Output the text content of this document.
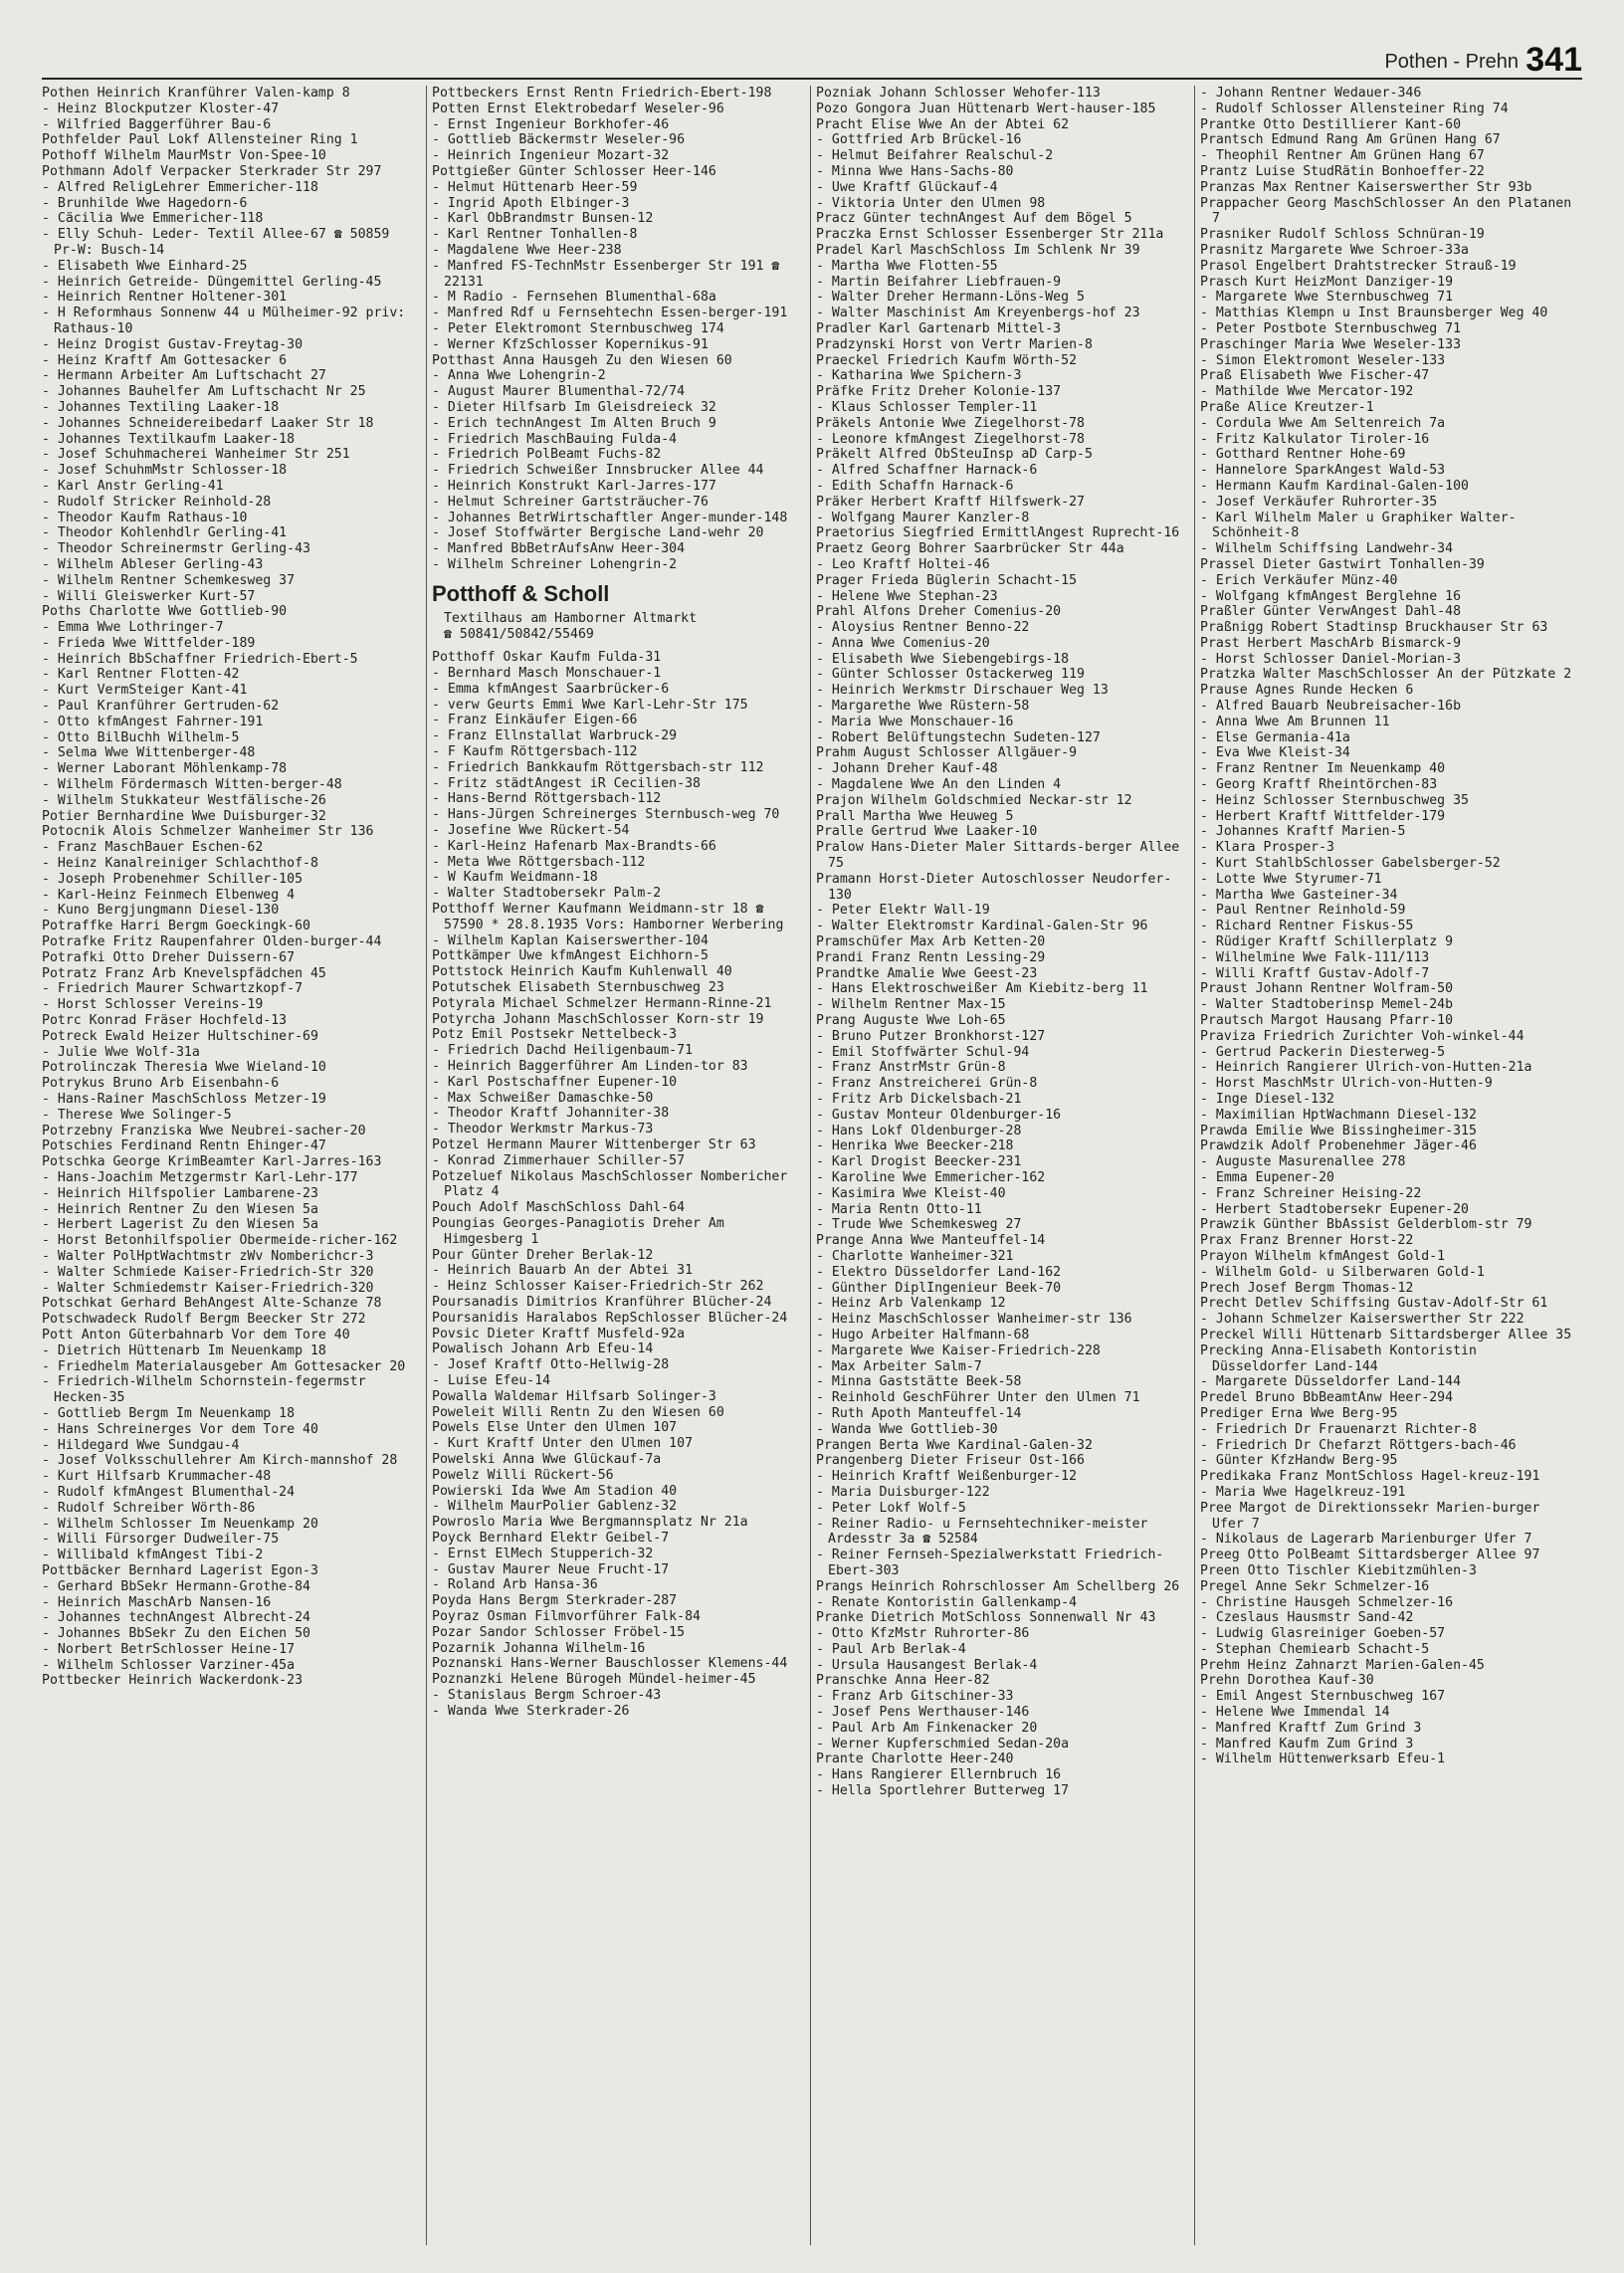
Pothen - Prehn 341

Pothen Heinrich Kranführer Valen-kamp 8

- Heinz Blockputzer Kloster-47

- Wilfried Baggerführer Bau-6

Pothfelder Paul Lokf Allensteiner Ring 1

Pothoff Wilhelm MaurMstr Von-Spee-10

Pothmann Adolf Verpacker Sterkrader Str 297

- Alfred ReligLehrer Emmericher-118

- Brunhilde Wwe Hagedorn-6

- Cäcilia Wwe Emmericher-118

- Elly Schuh- Leder- Textil Allee-67 ☎ 50859 Pr-W: Busch-14

- Elisabeth Wwe Einhard-25

- Heinrich Getreide- Düngemittel Gerling-45

- Heinrich Rentner Holtener-301

- H Reformhaus Sonnenw 44 u Mülheimer-92 priv: Rathaus-10

- Heinz Drogist Gustav-Freytag-30

- Heinz Kraftf Am Gottesacker 6

- Hermann Arbeiter Am Luftschacht 27

- Johannes Bauhelfer Am Luftschacht Nr 25

- Johannes Textiling Laaker-18

- Johannes Schneidereibedarf Laaker Str 18

- Johannes Textilkaufm Laaker-18

- Josef Schuhmacherei Wanheimer Str 251

- Josef SchuhmMstr Schlosser-18

- Karl Anstr Gerling-41

- Rudolf Stricker Reinhold-28

- Theodor Kaufm Rathaus-10

- Theodor Kohlenhdlr Gerling-41

- Theodor Schreinermstr Gerling-43

- Wilhelm Ableser Gerling-43

- Wilhelm Rentner Schemkesweg 37

- Willi Gleiswerker Kurt-57

Poths Charlotte Wwe Gottlieb-90

- Emma Wwe Lothringer-7

- Frieda Wwe Wittfelder-189

- Heinrich BbSchaffner Friedrich-Ebert-5

- Karl Rentner Flotten-42

- Kurt VermSteiger Kant-41

- Paul Kranführer Gertruden-62

- Otto kfmAngest Fahrner-191

- Otto BilBuchh Wilhelm-5

- Selma Wwe Wittenberger-48

- Werner Laborant Möhlenkamp-78

- Wilhelm Fördermasch Witten-berger-48

- Wilhelm Stukkateur Westfälische-26

Potier Bernhardine Wwe Duisburger-32

Potocnik Alois Schmelzer Wanheimer Str 136

- Franz MaschBauer Eschen-62

- Heinz Kanalreiniger Schlachthof-8

- Joseph Probenehmer Schiller-105

- Karl-Heinz Feinmech Elbenweg 4

- Kuno Bergjungmann Diesel-130

Potraffke Harri Bergm Goeckingk-60

Potrafke Fritz Raupenfahrer Olden-burger-44

Potrafki Otto Dreher Duissern-67

Potratz Franz Arb Knevelspfädchen 45

- Friedrich Maurer Schwartzkopf-7

- Horst Schlosser Vereins-19

Potrc Konrad Fräser Hochfeld-13

Potreck Ewald Heizer Hultschiner-69

- Julie Wwe Wolf-31a

Potrolinczak Theresia Wwe Wieland-10

Potrykus Bruno Arb Eisenbahn-6

- Hans-Rainer MaschSchloss Metzer-19

- Therese Wwe Solinger-5

Potrzebny Franziska Wwe Neubrei-sacher-20

Potschies Ferdinand Rentn Ehinger-47

Potschka George KrimBeamter Karl-Jarres-163

- Hans-Joachim Metzgermstr Karl-Lehr-177

- Heinrich Hilfspolier Lambarene-23

- Heinrich Rentner Zu den Wiesen 5a

- Herbert Lagerist Zu den Wiesen 5a

- Horst Betonhilfspolier Obermeide-richer-162

- Walter PolHptWachtmstr zWv Nomberichcr-3

- Walter Schmiede Kaiser-Friedrich-Str 320

- Walter Schmiedemstr Kaiser-Friedrich-320

Potschkat Gerhard BehAngest Alte-Schanze 78

Potschwadeck Rudolf Bergm Beecker Str 272

Pott Anton Güterbahnarb Vor dem Tore 40

- Dietrich Hüttenarb Im Neuenkamp 18

- Friedhelm Materialausgeber Am Gottesacker 20

- Friedrich-Wilhelm Schornstein-fegermstr Hecken-35

- Gottlieb Bergm Im Neuenkamp 18

- Hans Schreinerges Vor dem Tore 40

- Hildegard Wwe Sundgau-4

- Josef Volksschullehrer Am Kirch-mannshof 28

- Kurt Hilfsarb Krummacher-48

- Rudolf kfmAngest Blumenthal-24

- Rudolf Schreiber Wörth-86

- Wilhelm Schlosser Im Neuenkamp 20

- Willi Fürsorger Dudweiler-75

- Willibald kfmAngest Tibi-2

Pottbäcker Bernhard Lagerist Egon-3

- Gerhard BbSekr Hermann-Grothe-84

- Heinrich MaschArb Nansen-16

- Johannes technAngest Albrecht-24

- Johannes BbSekr Zu den Eichen 50

- Norbert BetrSchlosser Heine-17

- Wilhelm Schlosser Varziner-45a

Pottbecker Heinrich Wackerdonk-23

Pottbeckers Ernst Rentn Friedrich-Ebert-198

Potten Ernst Elektrobedarf Weseler-96

- Ernst Ingenieur Borkhofer-46

- Gottlieb Bäckermstr Weseler-96

- Heinrich Ingenieur Mozart-32

Pottgießer Günter Schlosser Heer-146

- Helmut Hüttenarb Heer-59

- Ingrid Apoth Elbinger-3

- Karl ObBrandmstr Bunsen-12

- Karl Rentner Tonhallen-8

- Magdalene Wwe Heer-238

- Manfred FS-TechnMstr Essenberger Str 191 ☎ 22131

- M Radio - Fernsehen Blumenthal-68a

- Manfred Rdf u Fernsehtechn Essen-berger-191

- Peter Elektromont Sternbuschweg 174

- Werner KfzSchlosser Kopernikus-91

Potthast Anna Hausgeh Zu den Wiesen 60

- Anna Wwe Lohengrin-2

- August Maurer Blumenthal-72/74

- Dieter Hilfsarb Im Gleisdreieck 32

- Erich technAngest Im Alten Bruch 9

- Friedrich MaschBauing Fulda-4

- Friedrich PolBeamt Fuchs-82

- Friedrich Schweißer Innsbrucker Allee 44

- Heinrich Konstrukt Karl-Jarres-177

- Helmut Schreiner Gartsträucher-76

- Johannes BetrWirtschaftler Anger-munder-148

- Josef Stoffwärter Bergische Land-wehr 20

- Manfred BbBetrAufsAnw Heer-304

- Wilhelm Schreiner Lohengrin-2

Potthoff & Scholl

Textilhaus am Hamborner Altmarkt

☎ 50841/50842/55469

Potthoff Oskar Kaufm Fulda-31

- Bernhard Masch Monschauer-1

- Emma kfmAngest Saarbrücker-6

- verw Geurts Emmi Wwe Karl-Lehr-Str 175

- Franz Einkäufer Eigen-66

- Franz Ellnstallat Warbruck-29

- F Kaufm Röttgersbach-112

- Friedrich Bankkaufm Röttgersbach-str 112

- Fritz städtAngest iR Cecilien-38

- Hans-Bernd Röttgersbach-112

- Hans-Jürgen Schreinerges Sternbusch-weg 70

- Josefine Wwe Rückert-54

- Karl-Heinz Hafenarb Max-Brandts-66

- Meta Wwe Röttgersbach-112

- W Kaufm Weidmann-18

- Walter Stadtobersekr Palm-2

Potthoff Werner Kaufmann Weidmann-str 18 ☎ 57590 * 28.8.1935 Vors: Hamborner Werbering

- Wilhelm Kaplan Kaiserswerther-104

Pottkämper Uwe kfmAngest Eichhorn-5

Pottstock Heinrich Kaufm Kuhlenwall 40

Potutschek Elisabeth Sternbuschweg 23

Potyrala Michael Schmelzer Hermann-Rinne-21

Potyrcha Johann MaschSchlosser Korn-str 19

Potz Emil Postsekr Nettelbeck-3

- Friedrich Dachd Heiligenbaum-71

- Heinrich Baggerführer Am Linden-tor 83

- Karl Postschaffner Eupener-10

- Max Schweißer Damaschke-50

- Theodor Kraftf Johanniter-38

- Theodor Werkmstr Markus-73

Potzel Hermann Maurer Wittenberger Str 63

- Konrad Zimmerhauer Schiller-57

Potzeluef Nikolaus MaschSchlosser Nombericher Platz 4

Pouch Adolf MaschSchloss Dahl-64

Poungias Georges-Panagiotis Dreher Am Himgesberg 1

Pour Günter Dreher Berlak-12

- Heinrich Bauarb An der Abtei 31

- Heinz Schlosser Kaiser-Friedrich-Str 262

Poursanadis Dimitrios Kranführer Blücher-24

Poursanidis Haralabos RepSchlosser Blücher-24

Povsic Dieter Kraftf Musfeld-92a

Powalisch Johann Arb Efeu-14

- Josef Kraftf Otto-Hellwig-28

- Luise Efeu-14

Powalla Waldemar Hilfsarb Solinger-3

Poweleit Willi Rentn Zu den Wiesen 60

Powels Else Unter den Ulmen 107

- Kurt Kraftf Unter den Ulmen 107

Powelski Anna Wwe Glückauf-7a

Powelz Willi Rückert-56

Powierski Ida Wwe Am Stadion 40

- Wilhelm MaurPolier Gablenz-32

Powroslo Maria Wwe Bergmannsplatz Nr 21a

Poyck Bernhard Elektr Geibel-7

- Ernst ElMech Stupperich-32

- Gustav Maurer Neue Frucht-17

- Roland Arb Hansa-36

Poyda Hans Bergm Sterkrader-287

Poyraz Osman Filmvorführer Falk-84

Pozar Sandor Schlosser Fröbel-15

Pozarnik Johanna Wilhelm-16

Poznanski Hans-Werner Bauschlosser Klemens-44

Poznanzki Helene Bürogeh Mündel-heimer-45

- Stanislaus Bergm Schroer-43

- Wanda Wwe Sterkrader-26

Pozniak Johann Schlosser Wehofer-113

Pozo Gongora Juan Hüttenarb Wert-hauser-185

Pracht Elise Wwe An der Abtei 62

- Gottfried Arb Brückel-16

- Helmut Beifahrer Realschul-2

- Minna Wwe Hans-Sachs-80

- Uwe Kraftf Glückauf-4

- Viktoria Unter den Ulmen 98

Pracz Günter technAngest Auf dem Bögel 5

Praczka Ernst Schlosser Essenberger Str 211a

Pradel Karl MaschSchloss Im Schlenk Nr 39

- Martha Wwe Flotten-55

- Martin Beifahrer Liebfrauen-9

- Walter Dreher Hermann-Löns-Weg 5

- Walter Maschinist Am Kreyenbergs-hof 23

Pradler Karl Gartenarb Mittel-3

Pradzynski Horst von Vertr Marien-8

Praeckel Friedrich Kaufm Wörth-52

- Katharina Wwe Spichern-3

Präfke Fritz Dreher Kolonie-137

- Klaus Schlosser Templer-11

Präkels Antonie Wwe Ziegelhorst-78

- Leonore kfmAngest Ziegelhorst-78

Präkelt Alfred ObSteuInsp aD Carp-5

- Alfred Schaffner Harnack-6

- Edith Schaffn Harnack-6

Präker Herbert Kraftf Hilfswerk-27

- Wolfgang Maurer Kanzler-8

Praetorius Siegfried ErmittlAngest Ruprecht-16

Praetz Georg Bohrer Saarbrücker Str 44a

- Leo Kraftf Holtei-46

Prager Frieda Büglerin Schacht-15

- Helene Wwe Stephan-23

Prahl Alfons Dreher Comenius-20

- Aloysius Rentner Benno-22

- Anna Wwe Comenius-20

- Elisabeth Wwe Siebengebirgs-18

- Günter Schlosser Ostackerweg 119

- Heinrich Werkmstr Dirschauer Weg 13

- Margarethe Wwe Rüstern-58

- Maria Wwe Monschauer-16

- Robert Belüftungstechn Sudeten-127

Prahm August Schlosser Allgäuer-9

- Johann Dreher Kauf-48

- Magdalene Wwe An den Linden 4

Prajon Wilhelm Goldschmied Neckar-str 12

Prall Martha Wwe Heuweg 5

Pralle Gertrud Wwe Laaker-10

Pralow Hans-Dieter Maler Sittards-berger Allee 75

Pramann Horst-Dieter Autoschlosser Neudorfer-130

- Peter Elektr Wall-19

- Walter Elektromstr Kardinal-Galen-Str 96

Pramschüfer Max Arb Ketten-20

Prandi Franz Rentn Lessing-29

Prandtke Amalie Wwe Geest-23

- Hans Elektroschweißer Am Kiebitz-berg 11

- Wilhelm Rentner Max-15

Prang Auguste Wwe Loh-65

- Bruno Putzer Bronkhorst-127

- Emil Stoffwärter Schul-94

- Franz AnstrMstr Grün-8

- Franz Anstreicherei Grün-8

- Fritz Arb Dickelsbach-21

- Gustav Monteur Oldenburger-16

- Hans Lokf Oldenburger-28

- Henrika Wwe Beecker-218

- Karl Drogist Beecker-231

- Karoline Wwe Emmericher-162

- Kasimira Wwe Kleist-40

- Maria Rentn Otto-11

- Trude Wwe Schemkesweg 27

Prange Anna Wwe Manteuffel-14

- Charlotte Wanheimer-321

- Elektro Düsseldorfer Land-162

- Günther DiplIngenieur Beek-70

- Heinz Arb Valenkamp 12

- Heinz MaschSchlosser Wanheimer-str 136

- Hugo Arbeiter Halfmann-68

- Margarete Wwe Kaiser-Friedrich-228

- Max Arbeiter Salm-7

- Minna Gaststätte Beek-58

- Reinhold GeschFührer Unter den Ulmen 71

- Ruth Apoth Manteuffel-14

- Wanda Wwe Gottlieb-30

Prangen Berta Wwe Kardinal-Galen-32

Prangenberg Dieter Friseur Ost-166

- Heinrich Kraftf Weißenburger-12

- Maria Duisburger-122

- Peter Lokf Wolf-5

- Reiner Radio- u Fernsehtechniker-meister Ardesstr 3a ☎ 52584

- Reiner Fernseh-Spezialwerkstatt Friedrich-Ebert-303

Prangs Heinrich Rohrschlosser Am Schellberg 26

- Renate Kontoristin Gallenkamp-4

Pranke Dietrich MotSchloss Sonnenwall Nr 43

- Otto KfzMstr Ruhrorter-86

- Paul Arb Berlak-4

- Ursula Hausangest Berlak-4

Pranschke Anna Heer-82

- Franz Arb Gitschiner-33

- Josef Pens Werthauser-146

- Paul Arb Am Finkenacker 20

- Werner Kupferschmied Sedan-20a

Prante Charlotte Heer-240

- Hans Rangierer Ellernbruch 16

- Hella Sportlehrer Butterweg 17

- Johann Rentner Wedauer-346

- Rudolf Schlosser Allensteiner Ring 74

Prantke Otto Destillierer Kant-60

Prantsch Edmund Rang Am Grünen Hang 67

- Theophil Rentner Am Grünen Hang 67

Prantz Luise StudRätin Bonhoeffer-22

Pranzas Max Rentner Kaiserswerther Str 93b

Prappacher Georg MaschSchlosser An den Platanen 7

Prasniker Rudolf Schloss Schnüran-19

Prasnitz Margarete Wwe Schroer-33a

Prasol Engelbert Drahtstrecker Strauß-19

Prasch Kurt HeizMont Danziger-19

- Margarete Wwe Sternbuschweg 71

- Matthias Klempn u Inst Braunsberger Weg 40

- Peter Postbote Sternbuschweg 71

Praschinger Maria Wwe Weseler-133

- Simon Elektromont Weseler-133

Praß Elisabeth Wwe Fischer-47

- Mathilde Wwe Mercator-192

Praße Alice Kreutzer-1

- Cordula Wwe Am Seltenreich 7a

- Fritz Kalkulator Tiroler-16

- Gotthard Rentner Hohe-69

- Hannelore SparkAngest Wald-53

- Hermann Kaufm Kardinal-Galen-100

- Josef Verkäufer Ruhrorter-35

- Karl Wilhelm Maler u Graphiker Walter-Schönheit-8

- Wilhelm Schiffsing Landwehr-34

Prassel Dieter Gastwirt Tonhallen-39

- Erich Verkäufer Münz-40

- Wolfgang kfmAngest Berglehne 16

Praßler Günter VerwAngest Dahl-48

Praßnigg Robert Stadtinsp Bruckhauser Str 63

Prast Herbert MaschArb Bismarck-9

- Horst Schlosser Daniel-Morian-3

Pratzka Walter MaschSchlosser An der Pützkate 2

Prause Agnes Runde Hecken 6

- Alfred Bauarb Neubreisacher-16b

- Anna Wwe Am Brunnen 11

- Else Germania-41a

- Eva Wwe Kleist-34

- Franz Rentner Im Neuenkamp 40

- Georg Kraftf Rheintörchen-83

- Heinz Schlosser Sternbuschweg 35

- Herbert Kraftf Wittfelder-179

- Johannes Kraftf Marien-5

- Klara Prosper-3

- Kurt StahlbSchlosser Gabelsberger-52

- Lotte Wwe Styrumer-71

- Martha Wwe Gasteiner-34

- Paul Rentner Reinhold-59

- Richard Rentner Fiskus-55

- Rüdiger Kraftf Schillerplatz 9

- Wilhelmine Wwe Falk-111/113

- Willi Kraftf Gustav-Adolf-7

Praust Johann Rentner Wolfram-50

- Walter Stadtoberinsp Memel-24b

Prautsch Margot Hausang Pfarr-10

Praviza Friedrich Zurichter Voh-winkel-44

- Gertrud Packerin Diesterweg-5

- Heinrich Rangierer Ulrich-von-Hutten-21a

- Horst MaschMstr Ulrich-von-Hutten-9

- Inge Diesel-132

- Maximilian HptWachmann Diesel-132

Prawda Emilie Wwe Bissingheimer-315

Prawdzik Adolf Probenehmer Jäger-46

- Auguste Masurenallee 278

- Emma Eupener-20

- Franz Schreiner Heising-22

- Herbert Stadtobersekr Eupener-20

Prawzik Günther BbAssist Gelderblom-str 79

Prax Franz Brenner Horst-22

Prayon Wilhelm kfmAngest Gold-1

- Wilhelm Gold- u Silberwaren Gold-1

Prech Josef Bergm Thomas-12

Precht Detlev Schiffsing Gustav-Adolf-Str 61

- Johann Schmelzer Kaiserswerther Str 222

Preckel Willi Hüttenarb Sittardsberger Allee 35

Precking Anna-Elisabeth Kontoristin Düsseldorfer Land-144

- Margarete Düsseldorfer Land-144

Predel Bruno BbBeamtAnw Heer-294

Prediger Erna Wwe Berg-95

- Friedrich Dr Frauenarzt Richter-8

- Friedrich Dr Chefarzt Röttgers-bach-46

- Günter KfzHandw Berg-95

Predikaka Franz MontSchloss Hagel-kreuz-191

- Maria Wwe Hagelkreuz-191

Pree Margot de Direktionssekr Marien-burger Ufer 7

- Nikolaus de Lagerarb Marienburger Ufer 7

Preeg Otto PolBeamt Sittardsberger Allee 97

Preen Otto Tischler Kiebitzmühlen-3

Pregel Anne Sekr Schmelzer-16

- Christine Hausgeh Schmelzer-16

- Czeslaus Hausmstr Sand-42

- Ludwig Glasreiniger Goeben-57

- Stephan Chemiearb Schacht-5

Prehm Heinz Zahnarzt Marien-Galen-45

Prehn Dorothea Kauf-30

- Emil Angest Sternbuschweg 167

- Helene Wwe Immendal 14

- Manfred Kraftf Zum Grind 3

- Manfred Kaufm Zum Grind 3

- Wilhelm Hüttenwerksarb Efeu-1
